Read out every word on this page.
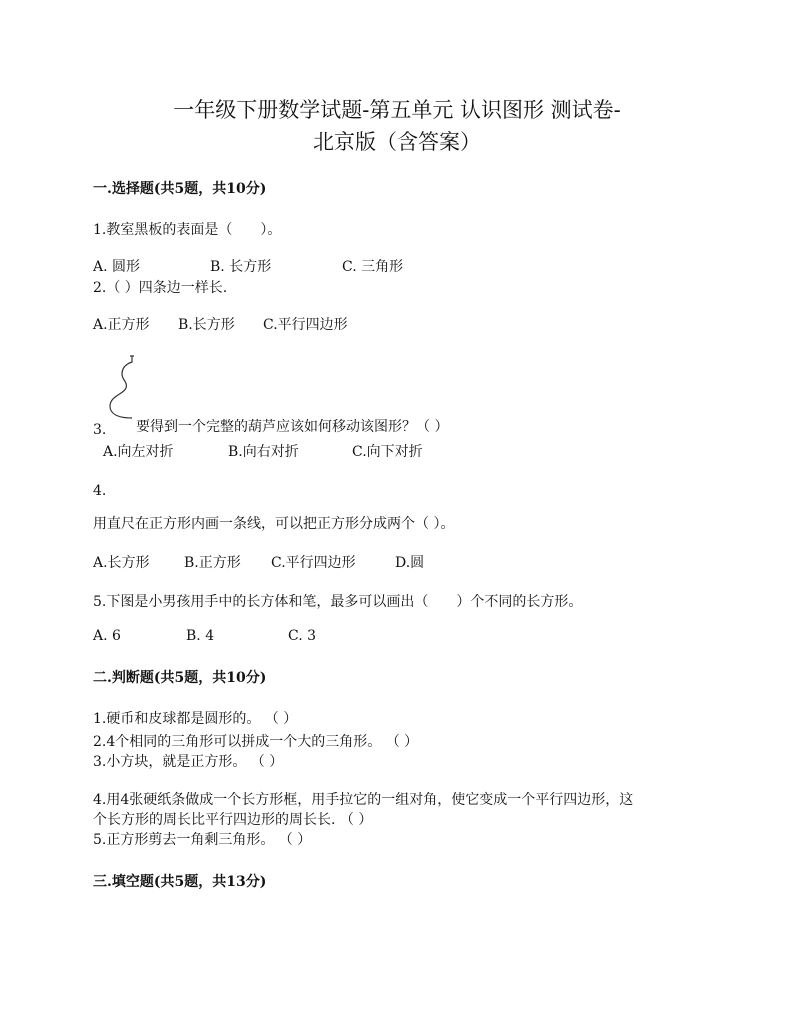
一年级下册数学试题-第五单元 认识图形 测试卷-
北京版（含答案）
一.选择题(共5题，共10分)
1.教室黑板的表面是（　　）。
A. 圆形	B. 长方形	C. 三角形
2.（ ）四条边一样长.
A.正方形 B.长方形 C.平行四边形
3. 要得到一个完整的葫芦应该如何移动该图形？（ ）
A.向左对折	B.向右对折	C.向下对折
4.
用直尺在正方形内画一条线，可以把正方形分成两个（ ）。
A.长方形 B.正方形 C.平行四边形	D.圆
5.下图是小男孩用手中的长方体和笔，最多可以画出（　　）个不同的长方形。
A. 6	B. 4	C. 3
二.判断题(共5题，共10分)
1.硬币和皮球都是圆形的。 （ ）
2.4个相同的三角形可以拼成一个大的三角形。 （ ）
3.小方块，就是正方形。 （ ）
4.用4张硬纸条做成一个长方形框，用手拉它的一组对角，使它变成一个平行四边形，这
个长方形的周长比平行四边形的周长长. （ ）
5.正方形剪去一角剩三角形。 （ ）
三.填空题(共5题，共13分)
